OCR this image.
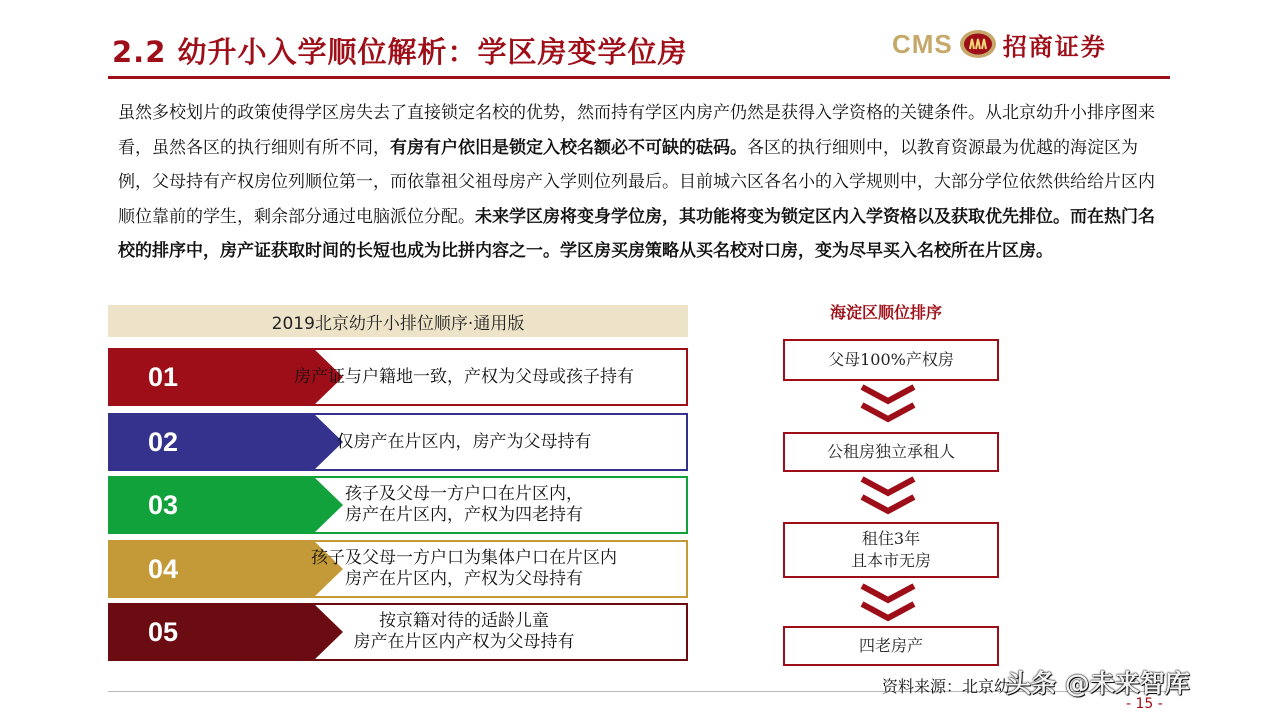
2.2 幼升小入学顺位解析：学区房变学位房	CMS 招商证券
虽然多校划片的政策使得学区房失去了直接锁定名校的优势，然而持有学区内房产仍然是获得入学资格的关键条件。从北京幼升小排序图来看，虽然各区的执行细则有所不同，有房有户依旧是锁定入校名额必不可缺的砝码。各区的执行细则中，以教育资源最为优越的海淀区为例，父母持有产权房位列顺位第一，而依靠祖父祖母房产入学则位列最后。目前城六区各名小的入学规则中，大部分学位依然供给给片区内顺位靠前的学生，剩余部分通过电脑派位分配。未来学区房将变身学位房，其功能将变为锁定区内入学资格以及获取优先排位。而在热门名校的排序中，房产证获取时间的长短也成为比拼内容之一。学区房买房策略从买名校对口房，变为尽早买入名校所在片区房。
2019北京幼升小排位顺序·通用版
01	房产证与户籍地一致，产权为父母或孩子持有
02	仅房产在片区内，房产为父母持有
03	孩子及父母一方户口在片区内，
房产在片区内，产权为四老持有
04	孩子及父母一方户口为集体户口在片区内
房产在片区内，产权为父母持有
05	按京籍对待的适龄儿童
房产在片区内产权为父母持有
海淀区顺位排序
父母100%产权房
公租房独立承租人
租住3年
且本市无房
四老房产
资料来源：北京幼
头条 @未来智库
- 15 -
